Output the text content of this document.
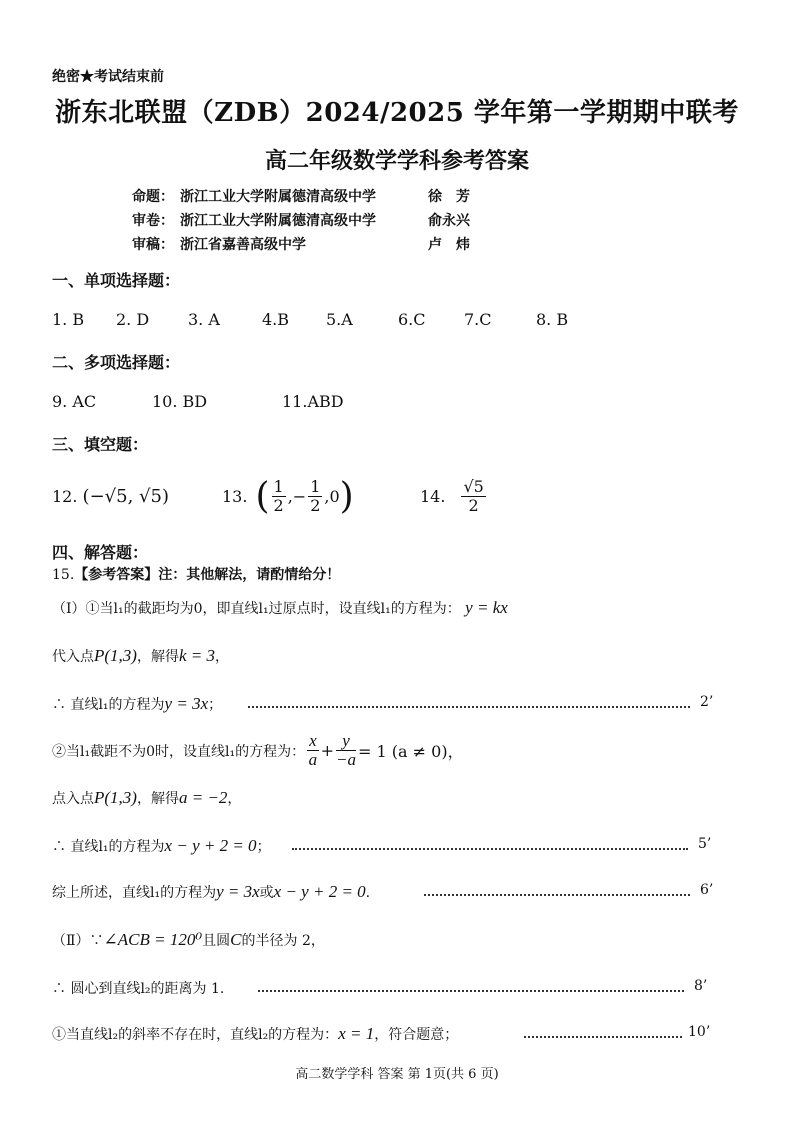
绝密★考试结束前
浙东北联盟（ZDB）2024/2025 学年第一学期期中联考
高二年级数学学科参考答案
命题： 浙江工业大学附属德清高级中学	徐　芳
审卷： 浙江工业大学附属德清高级中学	俞永兴
审稿： 浙江省嘉善高级中学	卢　炜
一、单项选择题：
1. B 2. D 3. A	4.B 5.A	6.C 7.C	8. B
二、多项选择题：
9. AC	10. BD	11.ABD
三、填空题：
12. (−√5, √5)	13. ( $\frac{1}{2}$ ,− $\frac{1}{2} ,0$ )	14. $\frac{√5}{2}$
四、解答题：
15.【参考答案】注：其他解法，请酌情给分！
（Ⅰ）①当l₁的截距均为0，即直线l₁过原点时，设直线l₁的方程为： y = kx
代入点P(1,3)，解得k = 3，
∴ 直线l₁的方程为y = 3x；	2’
②当l₁截距不为0时，设直线l₁的方程为： $\frac{x}{a} + \frac{y}{-a} = 1$ (a ≠ 0)，
点入点P(1,3)，解得a = −2，
∴ 直线l₁的方程为x − y + 2 = 0；	5’
综上所述，直线l₁的方程为y = 3x或x − y + 2 = 0.	6’
（Ⅱ）∵∠ACB = 120⁰且圆C的半径为 2，
∴ 圆心到直线l₂的距离为 1.	8’
①当直线l₂的斜率不存在时，直线l₂的方程为：x = 1，符合题意；	10’
高二数学学科 答案 第 1页(共 6 页)
